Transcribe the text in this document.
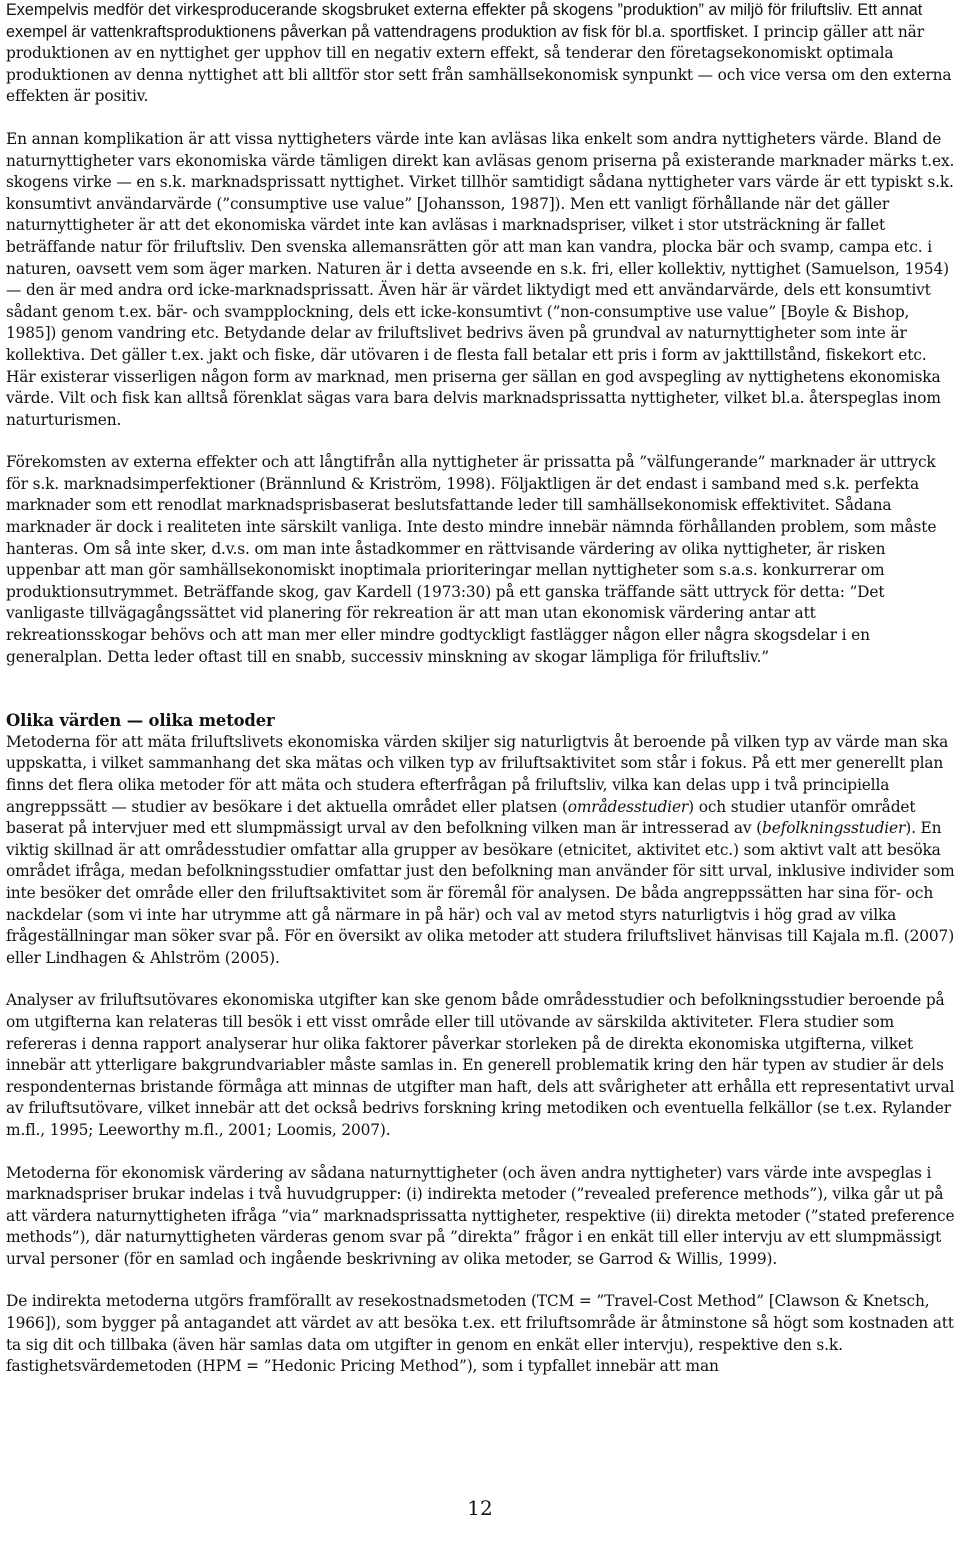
Exempelvis medför det virkesproducerande skogsbruket externa effekter på skogens ”produktion” av miljö för friluftsliv. Ett annat exempel är vattenkraftsproduktionens påverkan på vattendragens produktion av fisk för bl.a. sportfisket. I princip gäller att när produktionen av en nyttighet ger upphov till en negativ extern effekt, så tenderar den företagsekonomiskt optimala produktionen av denna nyttighet att bli alltför stor sett från samhällsekonomisk synpunkt — och vice versa om den externa effekten är positiv.

En annan komplikation är att vissa nyttigheters värde inte kan avläsas lika enkelt som andra nyttigheters värde. Bland de naturnyttigheter vars ekonomiska värde tämligen direkt kan avläsas genom priserna på existerande marknader märks t.ex. skogens virke — en s.k. marknadsprissatt nyttighet. Virket tillhör samtidigt sådana nyttigheter vars värde är ett typiskt s.k. konsumtivt användarvärde (”consumptive use value” [Johansson, 1987]). Men ett vanligt förhållande när det gäller naturnyttigheter är att det ekonomiska värdet inte kan avläsas i marknadspriser, vilket i stor utsträckning är fallet beträffande natur för friluftsliv. Den svenska allemansrätten gör att man kan vandra, plocka bär och svamp, campa etc. i naturen, oavsett vem som äger marken. Naturen är i detta avseende en s.k. fri, eller kollektiv, nyttighet (Samuelson, 1954) — den är med andra ord icke-marknadsprissatt. Även här är värdet liktydigt med ett användarvärde, dels ett konsumtivt sådant genom t.ex. bär- och svampplockning, dels ett icke-konsumtivt (”non-consumptive use value” [Boyle & Bishop, 1985]) genom vandring etc. Betydande delar av friluftslivet bedrivs även på grundval av naturnyttigheter som inte är kollektiva. Det gäller t.ex. jakt och fiske, där utövaren i de flesta fall betalar ett pris i form av jakttillstånd, fiskekort etc. Här existerar visserligen någon form av marknad, men priserna ger sällan en god avspegling av nyttighetens ekonomiska värde. Vilt och fisk kan alltså förenklat sägas vara bara delvis marknadsprissatta nyttigheter, vilket bl.a. återspeglas inom naturturismen.

Förekomsten av externa effekter och att långtifrån alla nyttigheter är prissatta på ”välfungerande” marknader är uttryck för s.k. marknadsimperfektioner (Brännlund & Kriström, 1998). Följaktligen är det endast i samband med s.k. perfekta marknader som ett renodlat marknadsprisbaserat beslutsfattande leder till samhällsekonomisk effektivitet. Sådana marknader är dock i realiteten inte särskilt vanliga. Inte desto mindre innebär nämnda förhållanden problem, som måste hanteras. Om så inte sker, d.v.s. om man inte åstadkommer en rättvisande värdering av olika nyttigheter, är risken uppenbar att man gör samhällsekonomiskt inoptimala prioriteringar mellan nyttigheter som s.a.s. konkurrerar om produktionsutrymmet. Beträffande skog, gav Kardell (1973:30) på ett ganska träffande sätt uttryck för detta: ”Det vanligaste tillvägagångssättet vid planering för rekreation är att man utan ekonomisk värdering antar att rekreationsskogar behövs och att man mer eller mindre godtyckligt fastlägger någon eller några skogsdelar i en generalplan. Detta leder oftast till en snabb, successiv minskning av skogar lämpliga för friluftsliv.”

Olika värden — olika metoder

Metoderna för att mäta friluftslivets ekonomiska värden skiljer sig naturligtvis åt beroende på vilken typ av värde man ska uppskatta, i vilket sammanhang det ska mätas och vilken typ av friluftsaktivitet som står i fokus. På ett mer generellt plan finns det flera olika metoder för att mäta och studera efterfrågan på friluftsliv, vilka kan delas upp i två principiella angreppssätt — studier av besökare i det aktuella området eller platsen (områdesstudier) och studier utanför området baserat på intervjuer med ett slumpmässigt urval av den befolkning vilken man är intresserad av (befolkningsstudier). En viktig skillnad är att områdesstudier omfattar alla grupper av besökare (etnicitet, aktivitet etc.) som aktivt valt att besöka området ifråga, medan befolkningsstudier omfattar just den befolkning man använder för sitt urval, inklusive individer som inte besöker det område eller den friluftsaktivitet som är föremål för analysen. De båda angreppssätten har sina för- och nackdelar (som vi inte har utrymme att gå närmare in på här) och val av metod styrs naturligtvis i hög grad av vilka frågeställningar man söker svar på. För en översikt av olika metoder att studera friluftslivet hänvisas till Kajala m.fl. (2007) eller Lindhagen & Ahlström (2005).

Analyser av friluftsutövares ekonomiska utgifter kan ske genom både områdesstudier och befolkningsstudier beroende på om utgifterna kan relateras till besök i ett visst område eller till utövande av särskilda aktiviteter. Flera studier som refereras i denna rapport analyserar hur olika faktorer påverkar storleken på de direkta ekonomiska utgifterna, vilket innebär att ytterligare bakgrundvariabler måste samlas in. En generell problematik kring den här typen av studier är dels respondenternas bristande förmåga att minnas de utgifter man haft, dels att svårigheter att erhålla ett representativt urval av friluftsutövare, vilket innebär att det också bedrivs forskning kring metodiken och eventuella felkällor (se t.ex. Rylander m.fl., 1995; Leeworthy m.fl., 2001; Loomis, 2007).

Metoderna för ekonomisk värdering av sådana naturnyttigheter (och även andra nyttigheter) vars värde inte avspeglas i marknadspriser brukar indelas i två huvudgrupper: (i) indirekta metoder (”revealed preference methods”), vilka går ut på att värdera naturnyttigheten ifråga ”via” marknadsprissatta nyttigheter, respektive (ii) direkta metoder (”stated preference methods”), där naturnyttigheten värderas genom svar på ”direkta” frågor i en enkät till eller intervju av ett slumpmässigt urval personer (för en samlad och ingående beskrivning av olika metoder, se Garrod & Willis, 1999).

De indirekta metoderna utgörs framförallt av resekostnadsmetoden (TCM = ”Travel-Cost Method” [Clawson & Knetsch, 1966]), som bygger på antagandet att värdet av att besöka t.ex. ett friluftsområde är åtminstone så högt som kostnaden att ta sig dit och tillbaka (även här samlas data om utgifter in genom en enkät eller intervju), respektive den s.k. fastighetsvärdemetoden (HPM = ”Hedonic Pricing Method”), som i typfallet innebär att man

12
